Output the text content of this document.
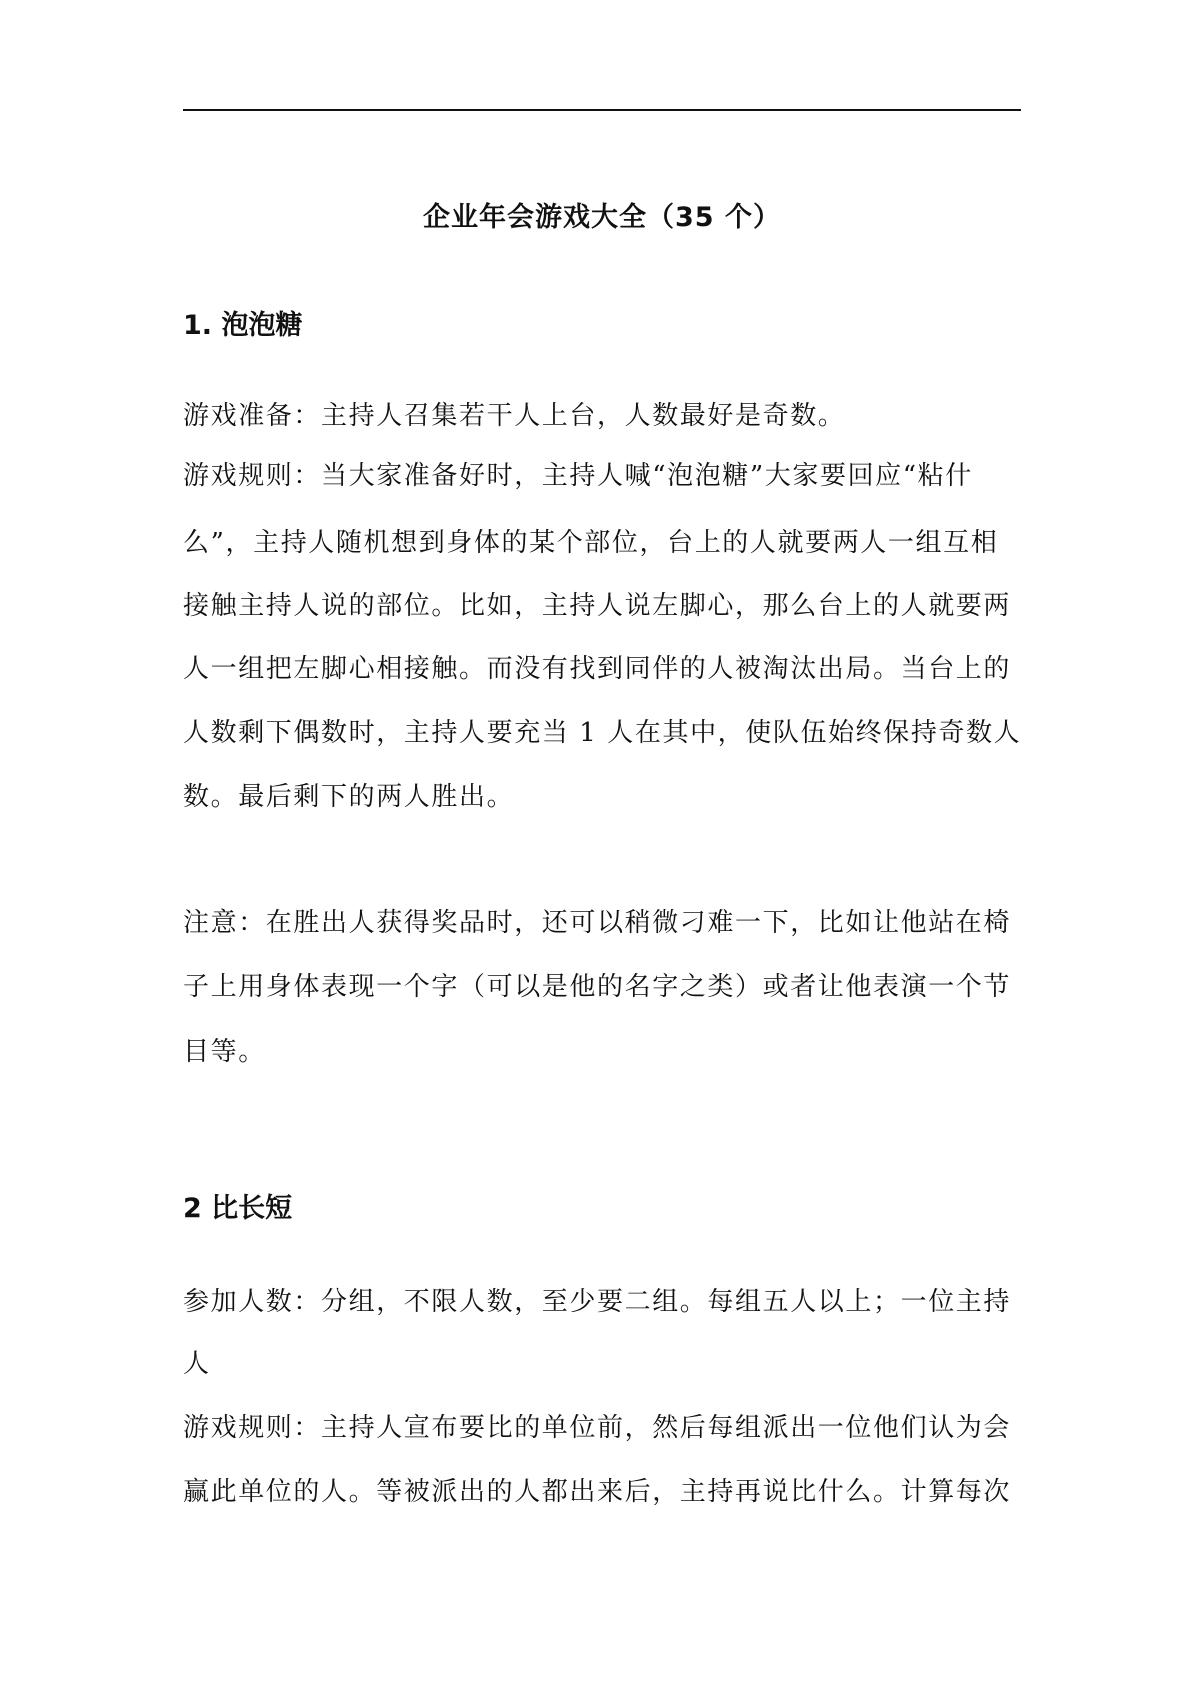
企业年会游戏大全（35 个）
1. 泡泡糖
游戏准备：主持人召集若干人上台，人数最好是奇数。
游戏规则：当大家准备好时，主持人喊“泡泡糖”大家要回应“粘什
么”，主持人随机想到身体的某个部位，台上的人就要两人一组互相
接触主持人说的部位。比如，主持人说左脚心，那么台上的人就要两
人一组把左脚心相接触。而没有找到同伴的人被淘汰出局。当台上的
人数剩下偶数时，主持人要充当 1 人在其中，使队伍始终保持奇数人
数。最后剩下的两人胜出。
注意：在胜出人获得奖品时，还可以稍微刁难一下，比如让他站在椅
子上用身体表现一个字（可以是他的名字之类）或者让他表演一个节
目等。
2 比长短
参加人数：分组，不限人数，至少要二组。每组五人以上；一位主持
人
游戏规则：主持人宣布要比的单位前，然后每组派出一位他们认为会
赢此单位的人。等被派出的人都出来后，主持再说比什么。计算每次
